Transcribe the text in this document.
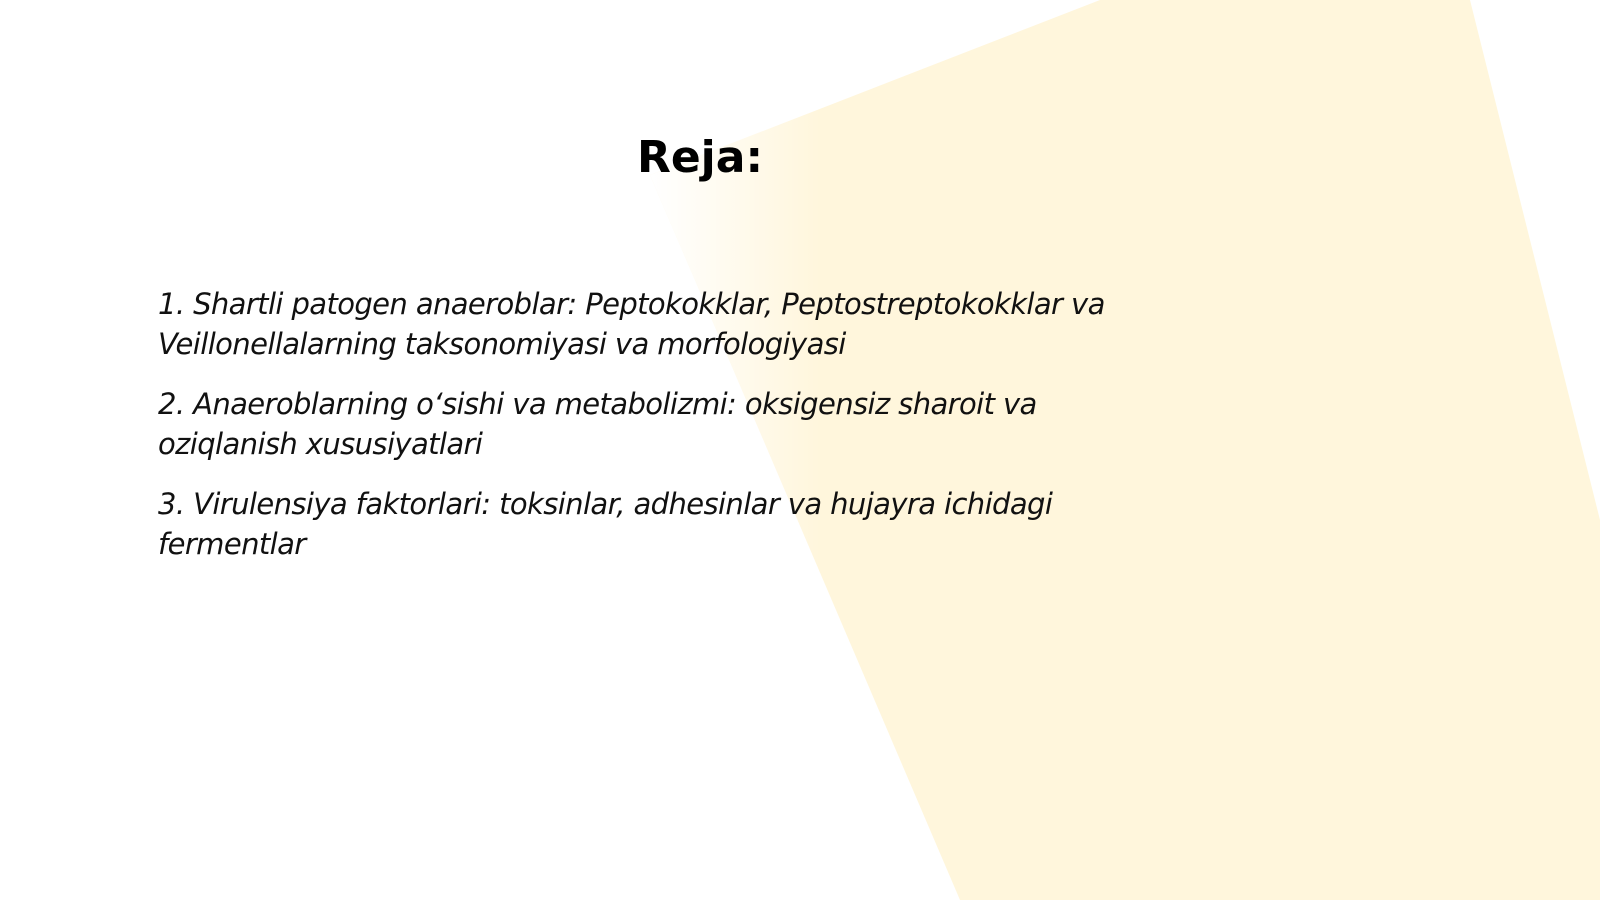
Reja:
1. Shartli patogen anaeroblar: Peptokokklar, Peptostreptokokklar va Veillonellalarning taksonomiyasi va morfologiyasi
2. Anaeroblarning o‘sishi va metabolizmi: oksigensiz sharoit va oziqlanish xususiyatlari
3. Virulensiya faktorlari: toksinlar, adhesinlar va hujayra ichidagi fermentlar
